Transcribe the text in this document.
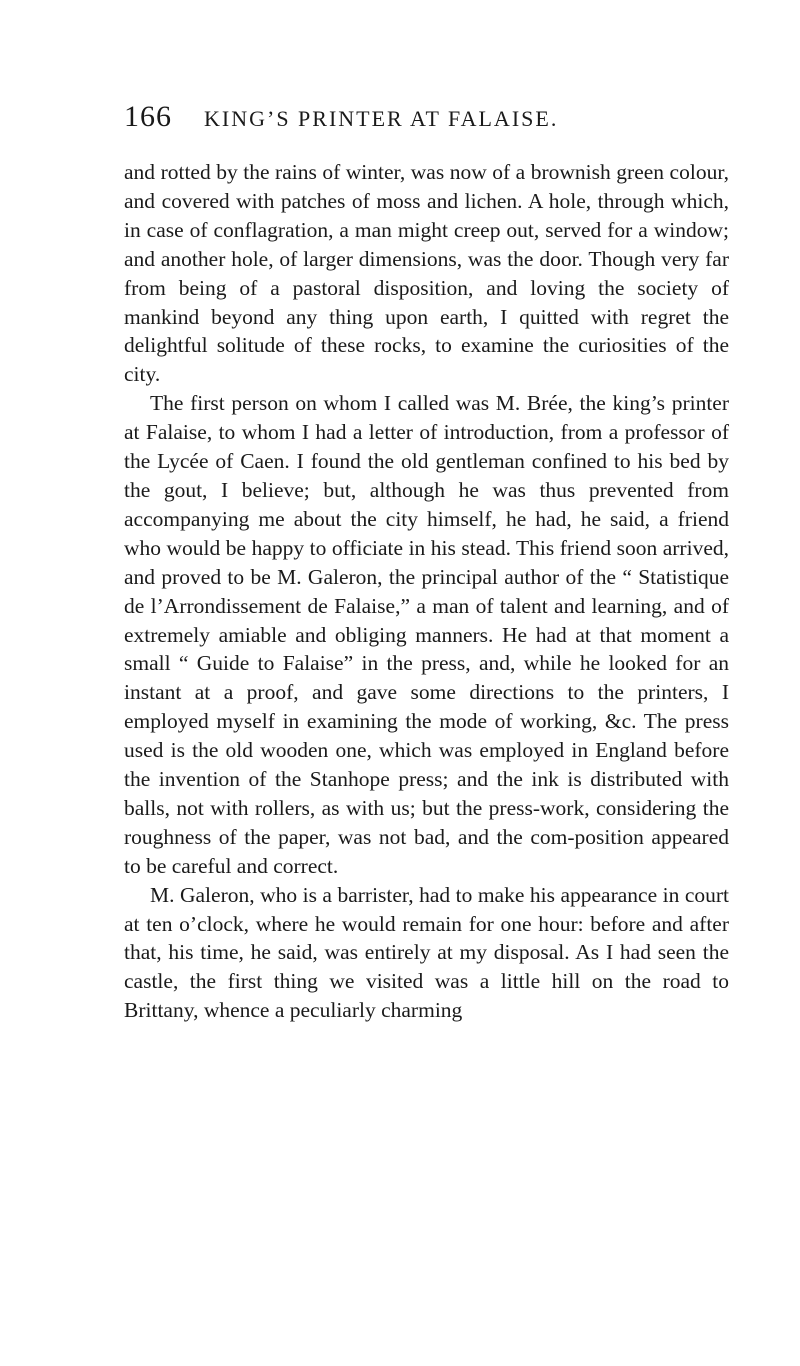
166 KING’S PRINTER AT FALAISE.

and rotted by the rains of winter, was now of a brownish green colour, and covered with patches of moss and lichen. A hole, through which, in case of conflagration, a man might creep out, served for a window; and another hole, of larger dimensions, was the door. Though very far from being of a pastoral disposition, and loving the society of mankind beyond any thing upon earth, I quitted with regret the delightful solitude of these rocks, to examine the curiosities of the city.

The first person on whom I called was M. Brée, the king’s printer at Falaise, to whom I had a letter of introduction, from a professor of the Lycée of Caen. I found the old gentleman confined to his bed by the gout, I believe; but, although he was thus prevented from accompanying me about the city himself, he had, he said, a friend who would be happy to officiate in his stead. This friend soon arrived, and proved to be M. Galeron, the principal author of the “ Statistique de l’Arrondissement de Falaise,” a man of talent and learning, and of extremely amiable and obliging manners. He had at that moment a small “ Guide to Falaise” in the press, and, while he looked for an instant at a proof, and gave some directions to the printers, I employed myself in examining the mode of working, &c. The press used is the old wooden one, which was employed in England before the invention of the Stanhope press; and the ink is distributed with balls, not with rollers, as with us; but the press-work, considering the roughness of the paper, was not bad, and the com-position appeared to be careful and correct.

M. Galeron, who is a barrister, had to make his appearance in court at ten o’clock, where he would remain for one hour: before and after that, his time, he said, was entirely at my disposal. As I had seen the castle, the first thing we visited was a little hill on the road to Brittany, whence a peculiarly charming
